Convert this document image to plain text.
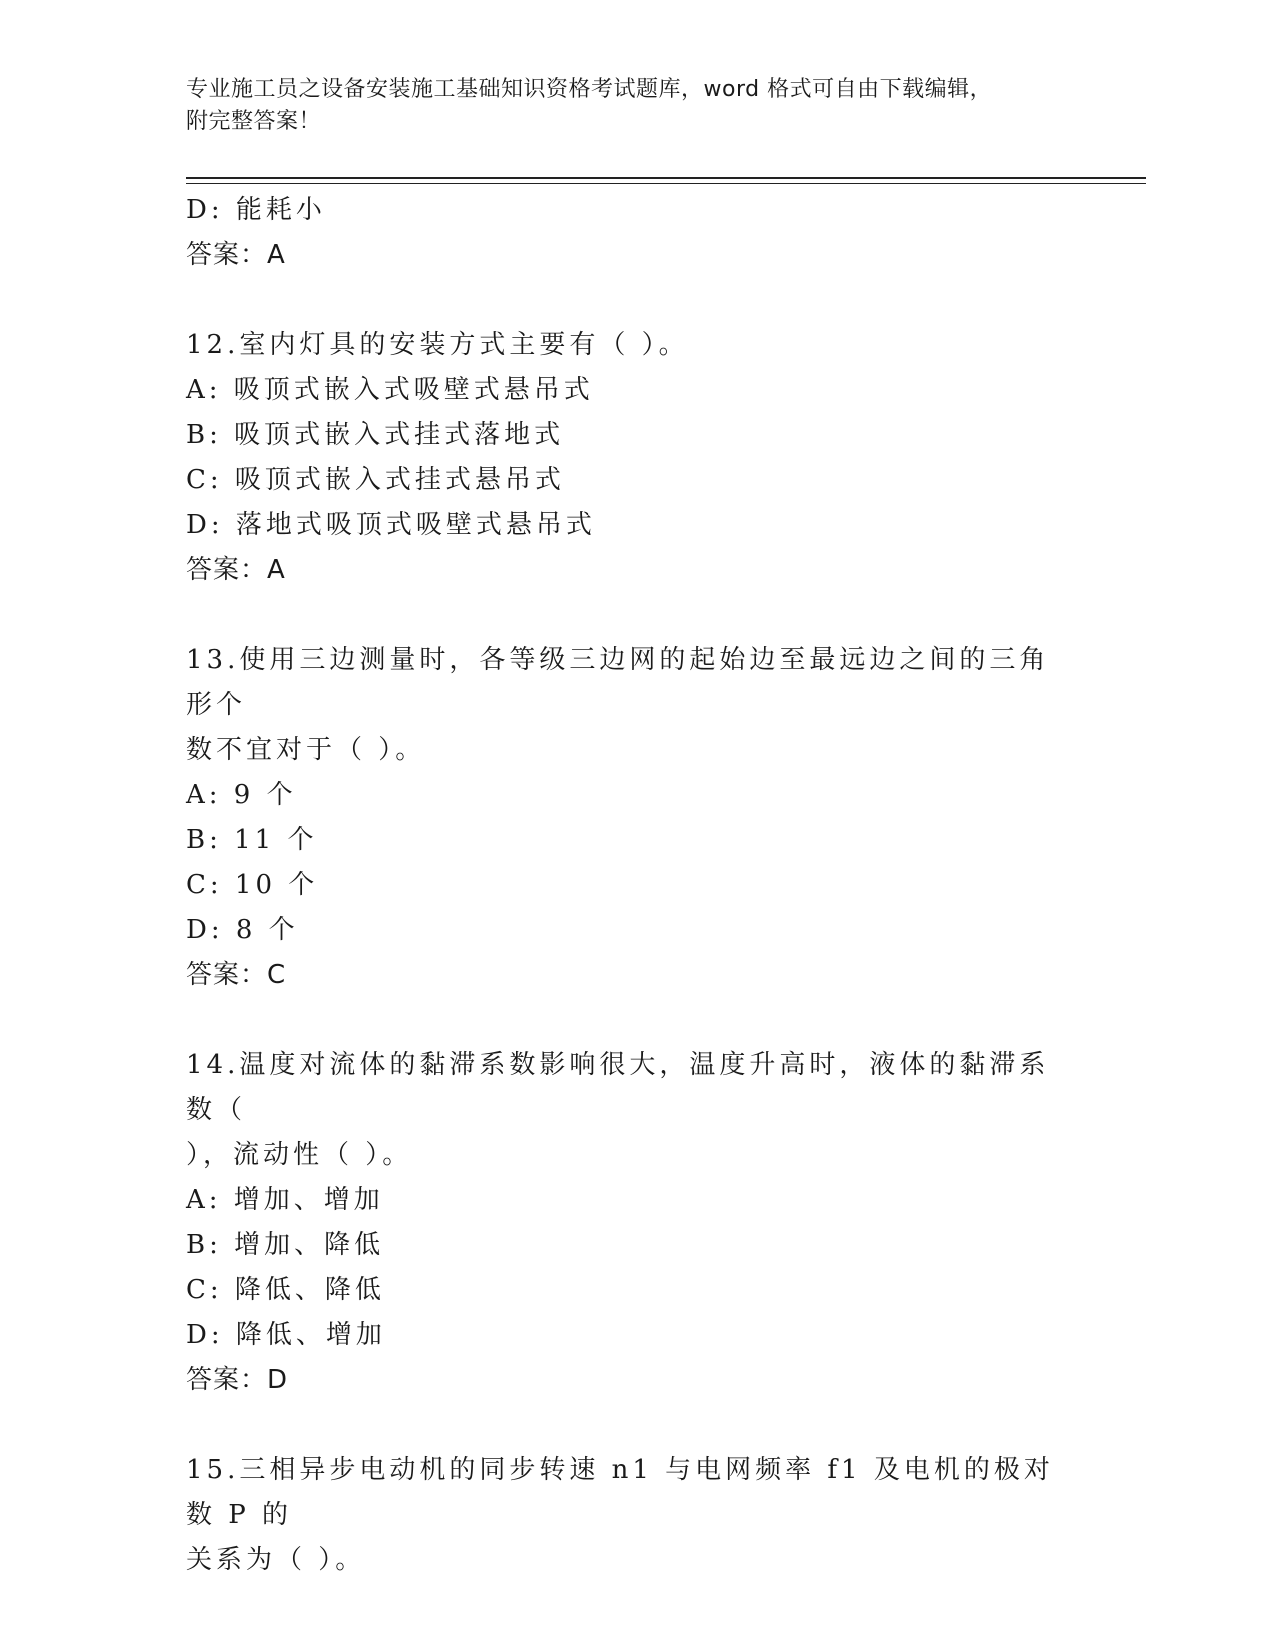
专业施工员之设备安装施工基础知识资格考试题库，word 格式可自由下载编辑，
附完整答案！
D: 能耗小
答案：A
12.室内灯具的安装方式主要有（ ）。
A: 吸顶式嵌入式吸壁式悬吊式
B: 吸顶式嵌入式挂式落地式
C: 吸顶式嵌入式挂式悬吊式
D: 落地式吸顶式吸壁式悬吊式
答案：A
13.使用三边测量时，各等级三边网的起始边至最远边之间的三角形个
数不宜对于（ ）。
A: 9 个
B: 11 个
C: 10 个
D: 8 个
答案：C
14.温度对流体的黏滞系数影响很大，温度升高时，液体的黏滞系数（
），流动性（ ）。
A: 增加、增加
B: 增加、降低
C: 降低、降低
D: 降低、增加
答案：D
15.三相异步电动机的同步转速 n1 与电网频率 f1 及电机的极对数 P 的
关系为（ ）。
